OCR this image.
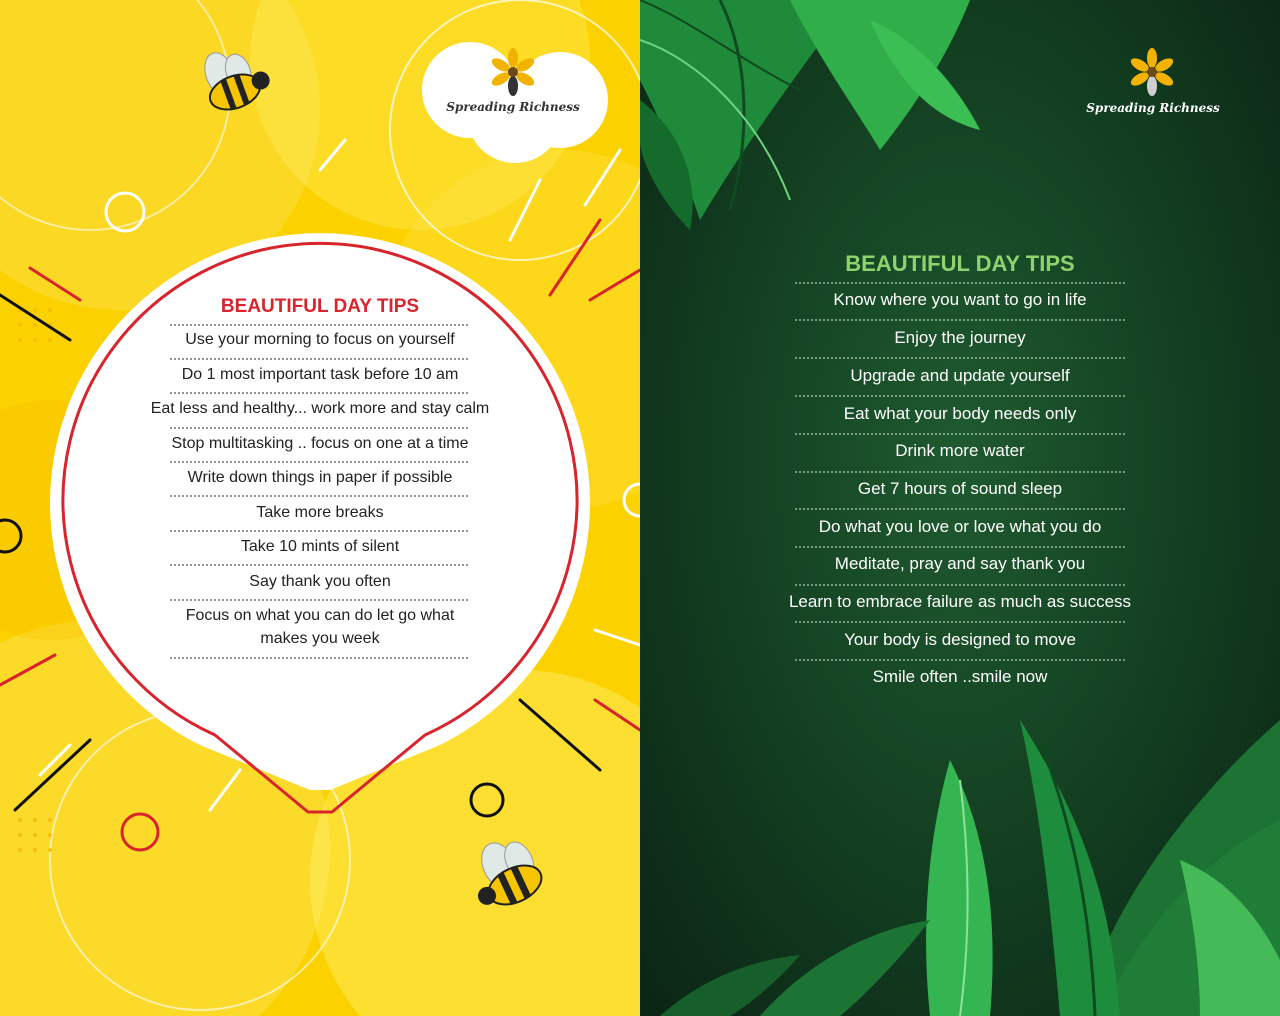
Spreading Richness
BEAUTIFUL DAY TIPS
Use your morning to focus on yourself
Do 1 most important task before 10 am
Eat less and healthy... work more and stay calm
Stop multitasking .. focus on one at a time
Write down things in paper if possible
Take more breaks
Take 10 mints of silent
Say thank you often
Focus on what you can do let go what
makes you week
Spreading Richness
BEAUTIFUL DAY TIPS
Know where you want to go in life
Enjoy the journey
Upgrade and update yourself
Eat what your body needs only
Drink more water
Get 7 hours of sound sleep
Do what you love or love what you do
Meditate, pray and say thank you
Learn to embrace failure as much as success
Your body is designed to move
Smile often ..smile now
